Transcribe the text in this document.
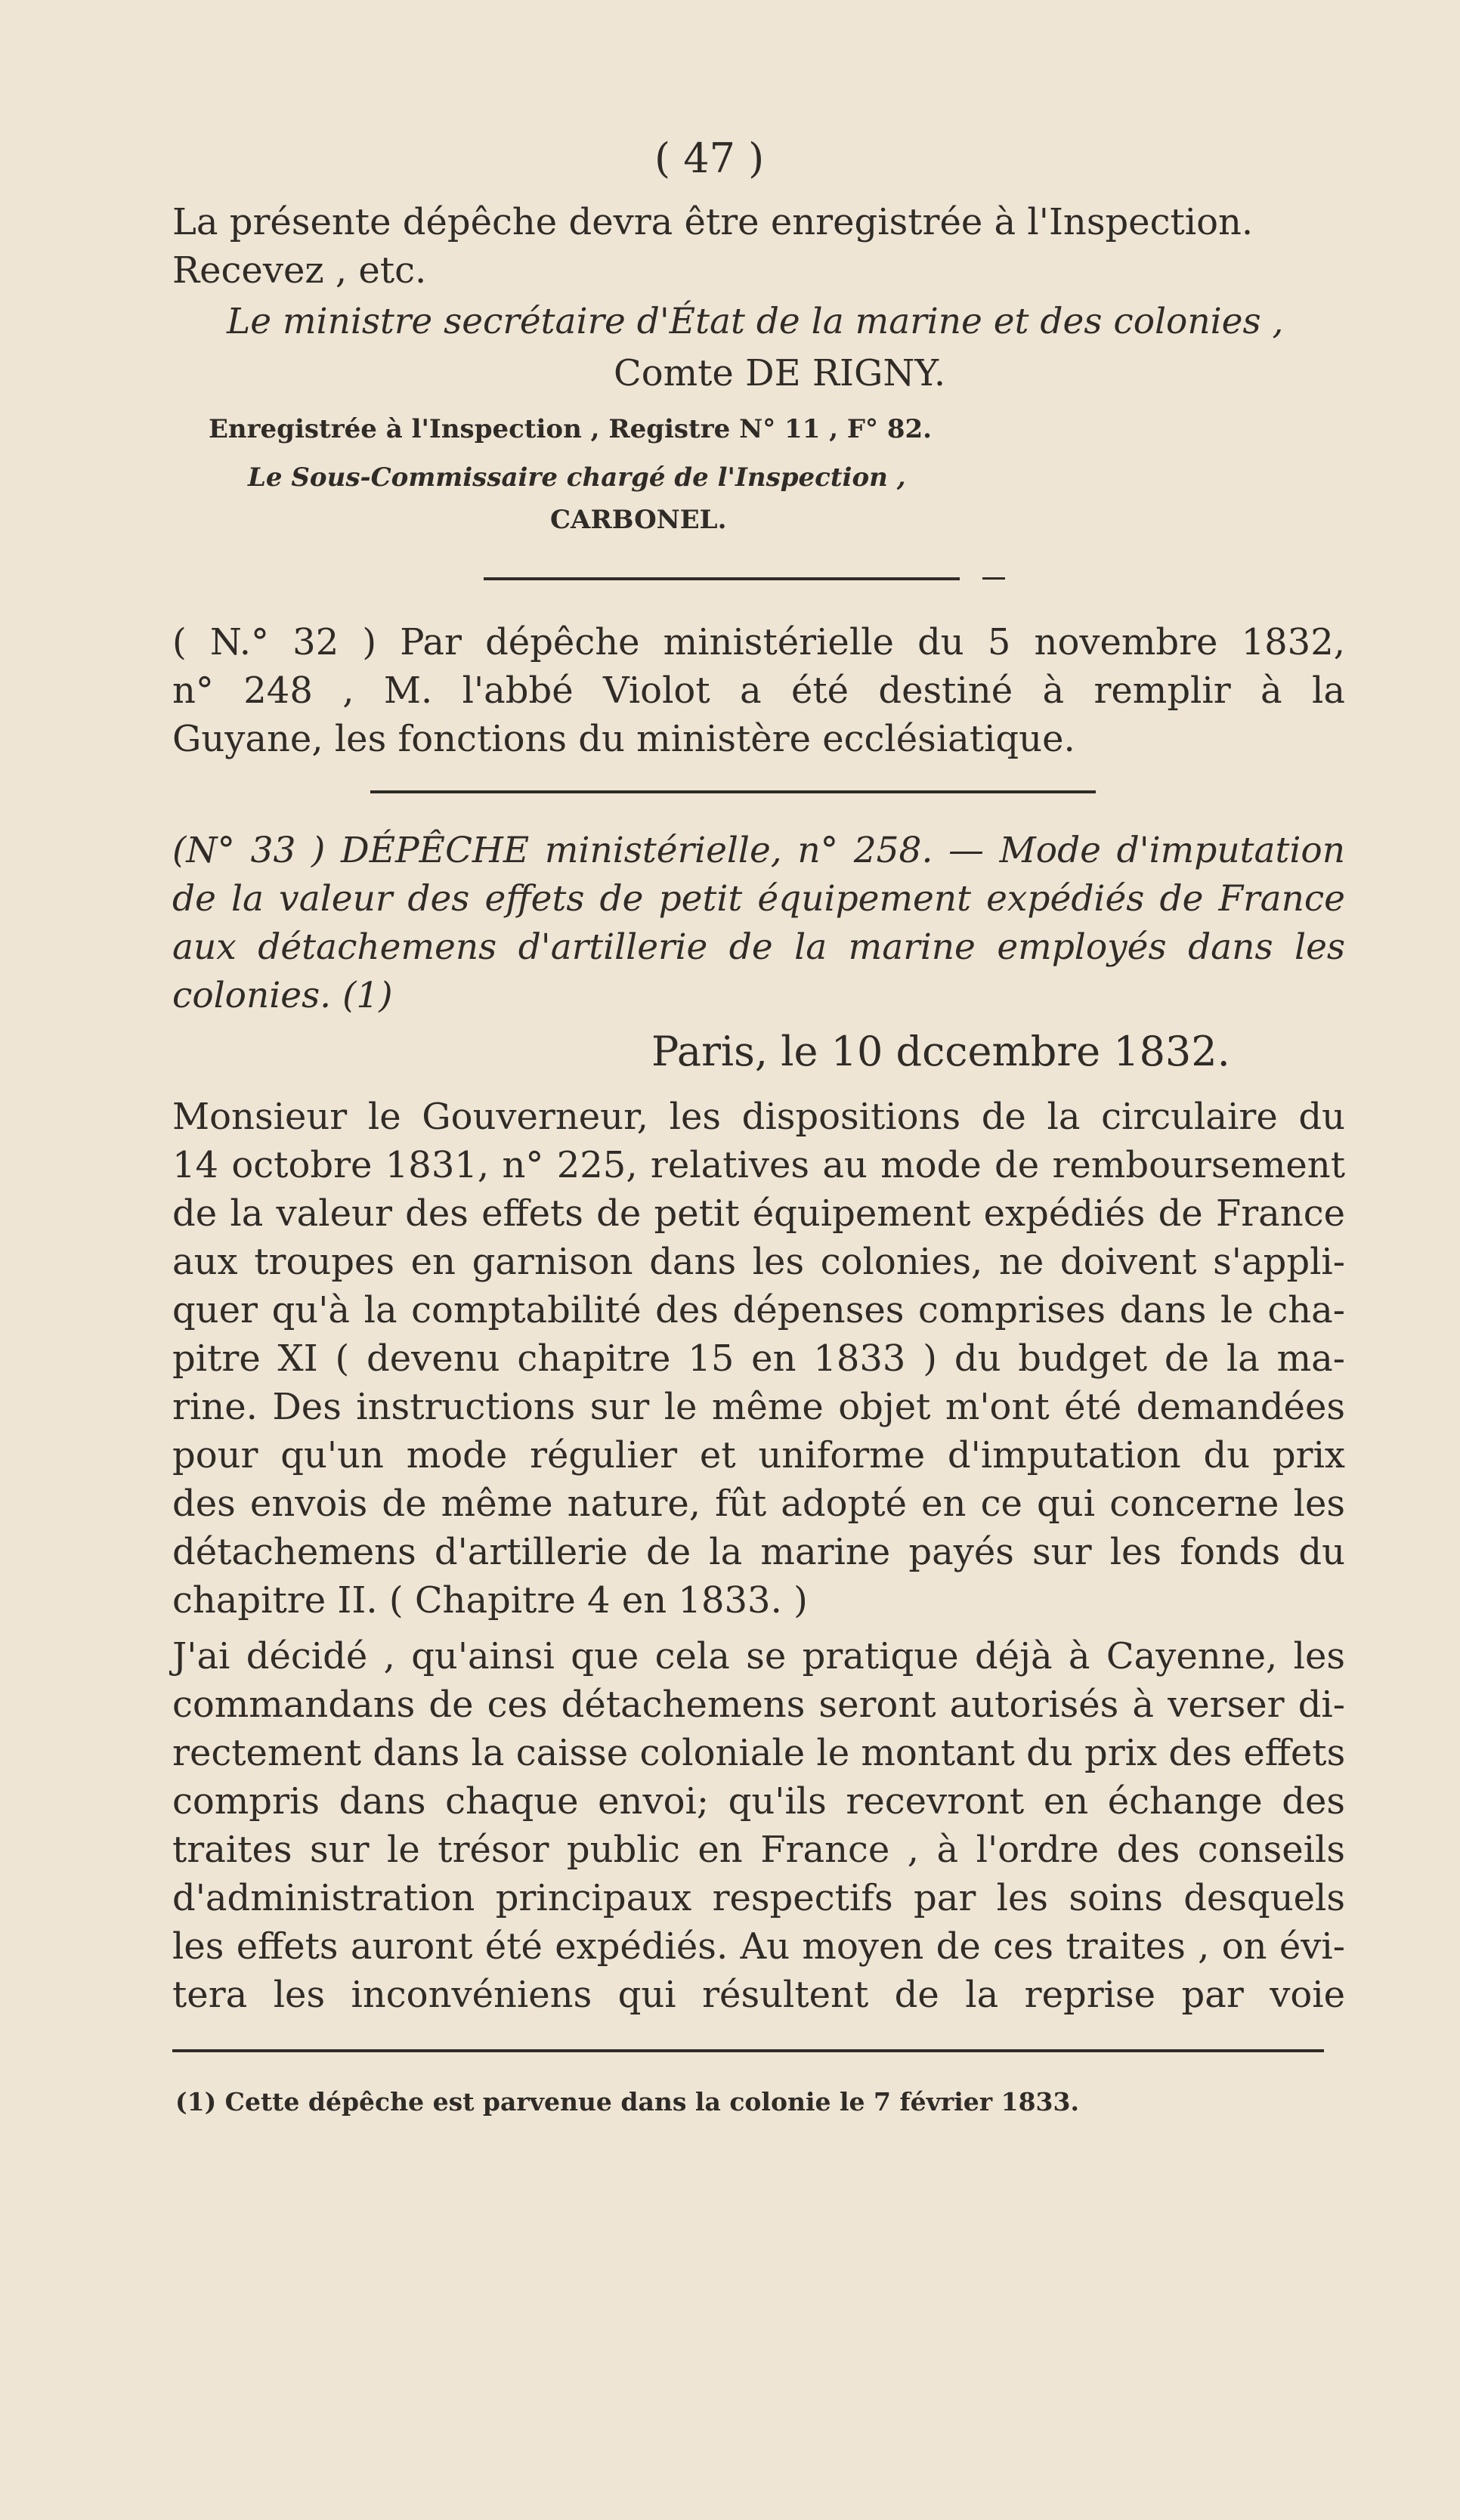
( 47 )
La présente dépêche devra être enregistrée à l'Inspection.
Recevez , etc.
Le ministre secrétaire d'État de la marine et des colonies ,
Comte DE RIGNY.
Enregistrée à l'Inspection , Registre N° 11 , F° 82.
Le Sous-Commissaire chargé de l'Inspection ,
CARBONEL.
( N.° 32 ) Par dépêche ministérielle du 5 novembre 1832,
n° 248 , M. l'abbé Violot a été destiné à remplir à la
Guyane, les fonctions du ministère ecclésiatique.
(N° 33 ) DÉPÊCHE ministérielle, n° 258. — Mode d'imputation
de la valeur des effets de petit équipement expédiés de France
aux détachemens d'artillerie de la marine employés dans les
colonies. (1)
Paris, le 10 dccembre 1832.
Monsieur le Gouverneur, les dispositions de la circulaire du
14 octobre 1831, n° 225, relatives au mode de remboursement
de la valeur des effets de petit équipement expédiés de France
aux troupes en garnison dans les colonies, ne doivent s'appli-
quer qu'à la comptabilité des dépenses comprises dans le cha-
pitre XI ( devenu chapitre 15 en 1833 ) du budget de la ma-
rine. Des instructions sur le même objet m'ont été demandées
pour qu'un mode régulier et uniforme d'imputation du prix
des envois de même nature, fût adopté en ce qui concerne les
détachemens d'artillerie de la marine payés sur les fonds du
chapitre II. ( Chapitre 4 en 1833. )
J'ai décidé , qu'ainsi que cela se pratique déjà à Cayenne, les
commandans de ces détachemens seront autorisés à verser di-
rectement dans la caisse coloniale le montant du prix des effets
compris dans chaque envoi; qu'ils recevront en échange des
traites sur le trésor public en France , à l'ordre des conseils
d'administration principaux respectifs par les soins desquels
les effets auront été expédiés. Au moyen de ces traites , on évi-
tera les inconvéniens qui résultent de la reprise par voie
(1) Cette dépêche est parvenue dans la colonie le 7 février 1833.
